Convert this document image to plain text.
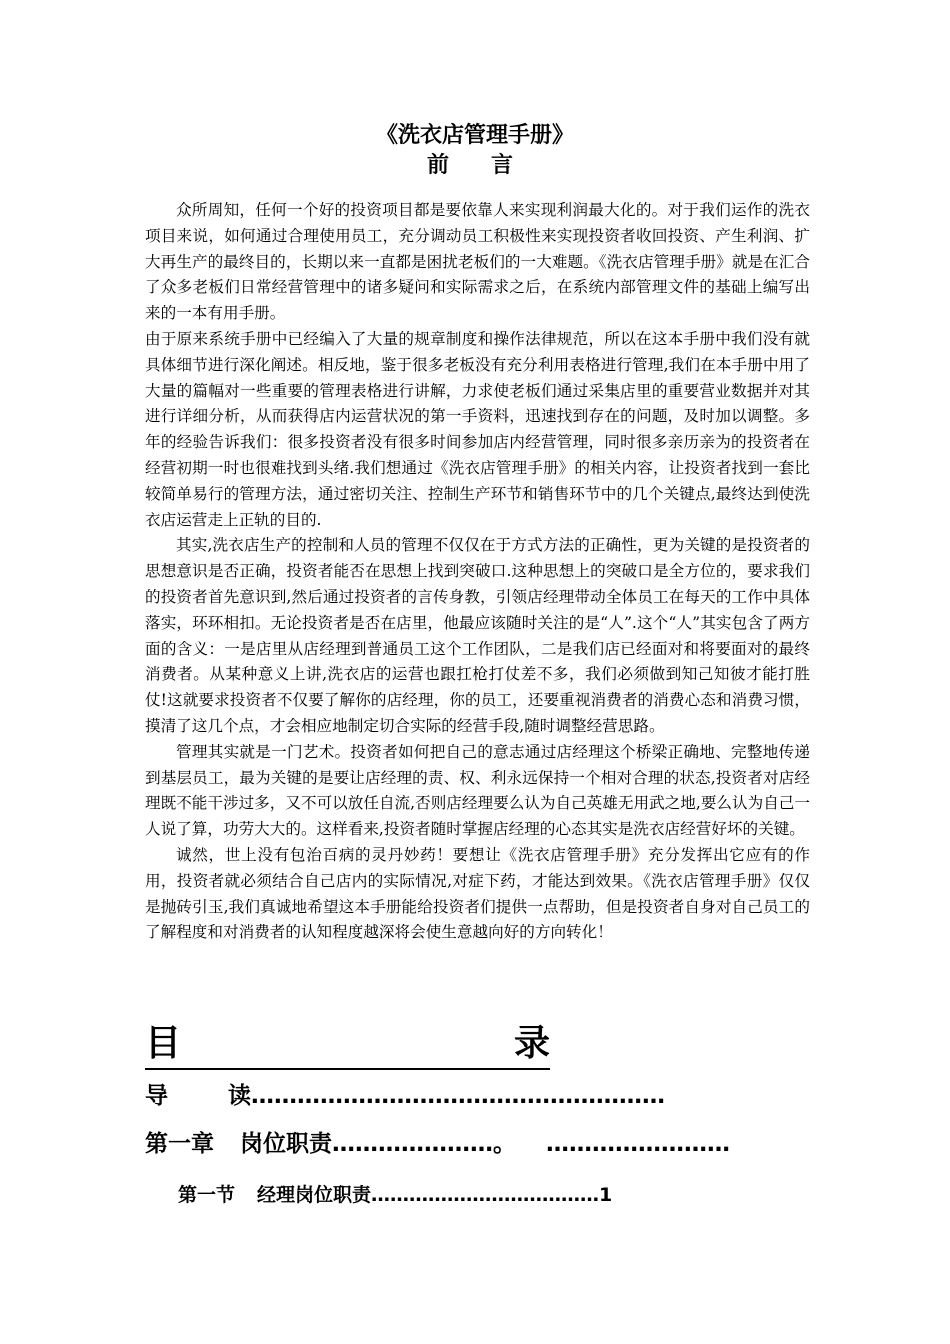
《洗衣店管理手册》
前　言

众所周知，任何一个好的投资项目都是要依靠人来实现利润最大化的。对于我们运作的洗衣项目来说，如何通过合理使用员工，充分调动员工积极性来实现投资者收回投资、产生利润、扩大再生产的最终目的，长期以来一直都是困扰老板们的一大难题。《洗衣店管理手册》就是在汇合了众多老板们日常经营管理中的诸多疑问和实际需求之后，在系统内部管理文件的基础上编写出来的一本有用手册。

由于原来系统手册中已经编入了大量的规章制度和操作法律规范，所以在这本手册中我们没有就具体细节进行深化阐述。相反地，鉴于很多老板没有充分利用表格进行管理,我们在本手册中用了大量的篇幅对一些重要的管理表格进行讲解，力求使老板们通过采集店里的重要营业数据并对其进行详细分析，从而获得店内运营状况的第一手资料，迅速找到存在的问题，及时加以调整。多年的经验告诉我们：很多投资者没有很多时间参加店内经营管理，同时很多亲历亲为的投资者在经营初期一时也很难找到头绪.我们想通过《洗衣店管理手册》的相关内容，让投资者找到一套比较简单易行的管理方法，通过密切关注、控制生产环节和销售环节中的几个关键点,最终达到使洗衣店运营走上正轨的目的.

其实,洗衣店生产的控制和人员的管理不仅仅在于方式方法的正确性，更为关键的是投资者的思想意识是否正确，投资者能否在思想上找到突破口.这种思想上的突破口是全方位的，要求我们的投资者首先意识到,然后通过投资者的言传身教，引领店经理带动全体员工在每天的工作中具体落实，环环相扣。无论投资者是否在店里，他最应该随时关注的是“人”.这个“人”其实包含了两方面的含义：一是店里从店经理到普通员工这个工作团队，二是我们店已经面对和将要面对的最终消费者。从某种意义上讲,洗衣店的运营也跟扛枪打仗差不多，我们必须做到知己知彼才能打胜仗!这就要求投资者不仅要了解你的店经理，你的员工，还要重视消费者的消费心态和消费习惯，摸清了这几个点，才会相应地制定切合实际的经营手段,随时调整经营思路。

管理其实就是一门艺术。投资者如何把自己的意志通过店经理这个桥梁正确地、完整地传递到基层员工，最为关键的是要让店经理的责、权、利永远保持一个相对合理的状态,投资者对店经理既不能干涉过多，又不可以放任自流,否则店经理要么认为自己英雄无用武之地,要么认为自己一人说了算，功劳大大的。这样看来,投资者随时掌握店经理的心态其实是洗衣店经营好坏的关键。

诚然，世上没有包治百病的灵丹妙药！要想让《洗衣店管理手册》充分发挥出它应有的作用，投资者就必须结合自己店内的实际情况,对症下药，才能达到效果。《洗衣店管理手册》仅仅是抛砖引玉,我们真诚地希望这本手册能给投资者们提供一点帮助，但是投资者自身对自己员工的了解程度和对消费者的认知程度越深将会使生意越向好的方向转化！

目	录
导	读………………………………………………
第一章 岗位职责…………………。 ……………………
第一节 经理岗位职责………………………………1
